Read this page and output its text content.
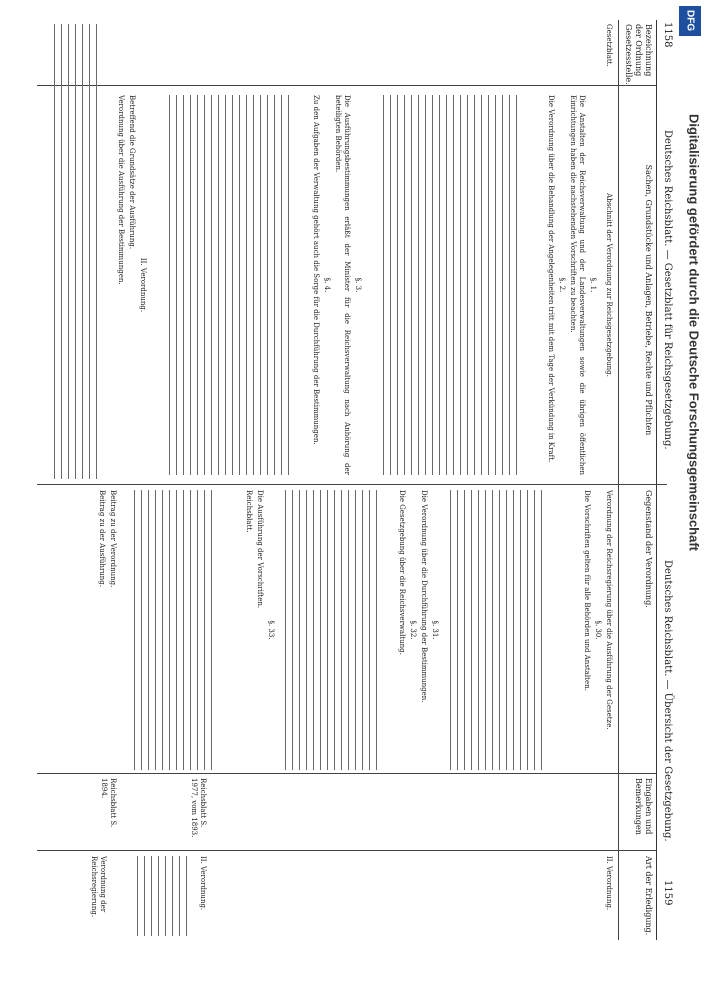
1158
Deutsches Reichsblatt. — Gesetzblatt für Reichsgesetzgebung.
Deutsches Reichsblatt. — Übersicht der Gesetzgebung.
1159
Bezeichnung der Ordnung
Gesetzesstelle.
Sachen, Grundstücke und Anlagen, Betriebe, Rechte und Pflichten
Gegenstand der Verordnung.
Eingaben und Bemerkungen
Art der Erledigung.
Gesetzblatt.
Abschnitt der Verordnung zur Reichsgesetzgebung.
§. 1.
Die Anstalten der Reichsverwaltung und der Landesverwaltungen sowie die übrigen öffentlichen Einrichtungen haben die nachstehenden Vorschriften zu beachten.
§. 2.
Die Verordnung über die Behandlung der Angelegenheiten tritt mit dem Tage der Verkündung in Kraft.
§. 3.
Die Ausführungsbestimmungen erläßt der Minister für die Reichsverwaltung nach Anhörung der beteiligten Behörden.
§. 4.
Zu den Aufgaben der Verwaltung gehört auch die Sorge für die Durchführung der Bestimmungen.
II. Verordnung.
Betreffend die Grundsätze der Ausführung.
Verordnung über die Ausführung der Bestimmungen.
Verordnung der Reichsregierung über die Ausführung der Gesetze.
§. 30.
Die Vorschriften gelten für alle Behörden und Anstalten.
§. 31.
Die Verordnung über die Durchführung der Bestimmungen.
§. 32.
Die Gesetzgebung über die Reichsverwaltung.
§. 33.
Die Ausführung der Vorschriften.
Reichsblatt.
Beitrag zu der Verordnung.
Beitrag zu der Ausführung.
Reichsblatt S. 1977, vom 1893.
Reichsblatt S. 1894.
II. Verordnung.
II. Verordnung.
Verordnung der Reichsregierung.
Digitalisierung gefördert durch die Deutsche Forschungsgemeinschaft
DFG
